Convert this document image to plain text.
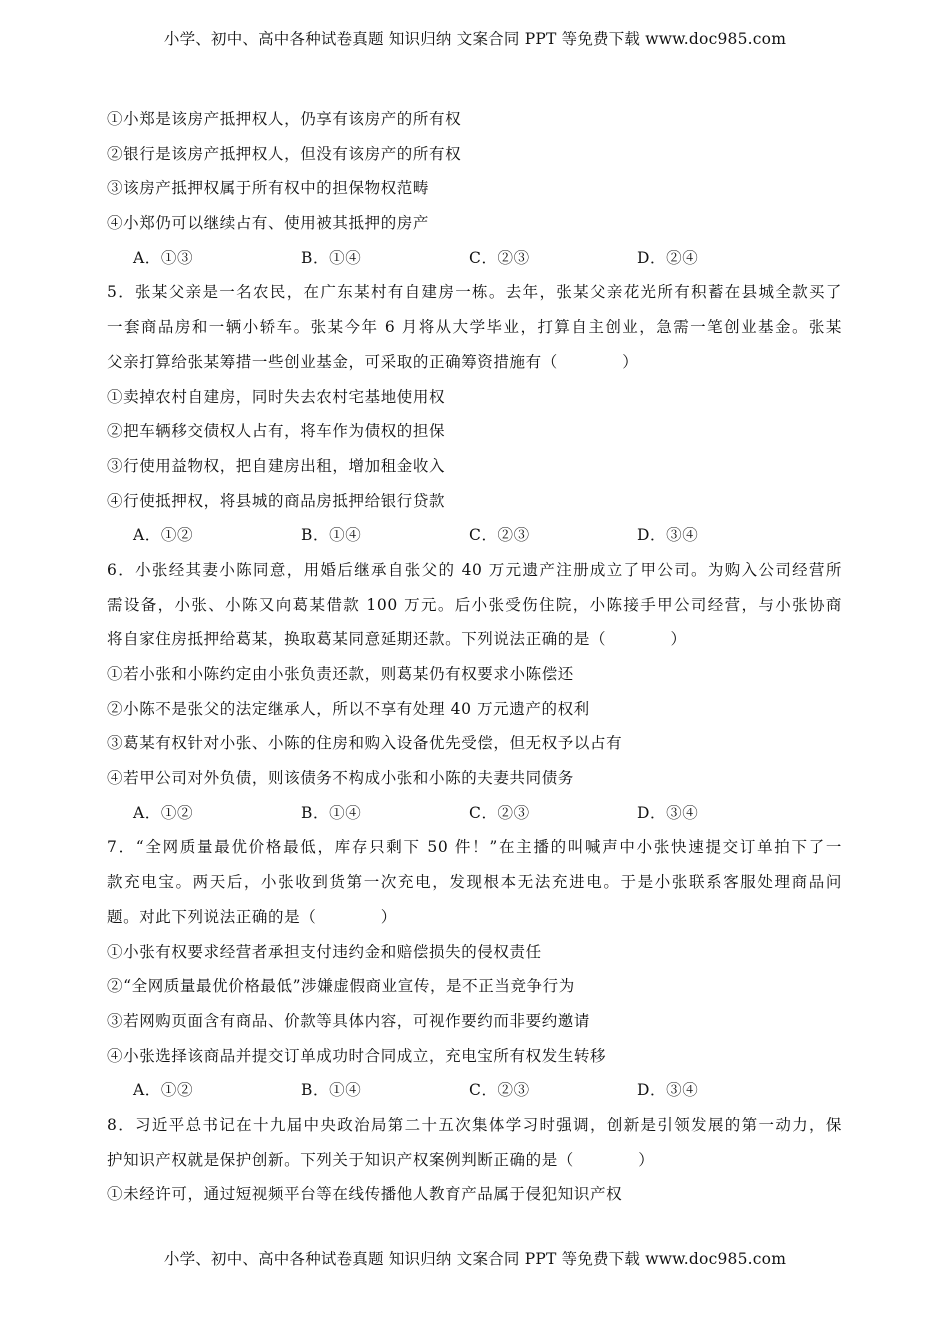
小学、初中、高中各种试卷真题 知识归纳 文案合同 PPT 等免费下载 www.doc985.com
①小郑是该房产抵押权人，仍享有该房产的所有权
②银行是该房产抵押权人，但没有该房产的所有权
③该房产抵押权属于所有权中的担保物权范畴
④小郑仍可以继续占有、使用被其抵押的房产
A．①③	B．①④	C．②③	D．②④
5．张某父亲是一名农民，在广东某村有自建房一栋。去年，张某父亲花光所有积蓄在县城全款买了
一套商品房和一辆小轿车。张某今年 6 月将从大学毕业，打算自主创业，急需一笔创业基金。张某
父亲打算给张某筹措一些创业基金，可采取的正确筹资措施有（　　　　）
①卖掉农村自建房，同时失去农村宅基地使用权
②把车辆移交债权人占有，将车作为债权的担保
③行使用益物权，把自建房出租，增加租金收入
④行使抵押权，将县城的商品房抵押给银行贷款
A．①②	B．①④	C．②③	D．③④
6．小张经其妻小陈同意，用婚后继承自张父的 40 万元遗产注册成立了甲公司。为购入公司经营所
需设备，小张、小陈又向葛某借款 100 万元。后小张受伤住院，小陈接手甲公司经营，与小张协商
将自家住房抵押给葛某，换取葛某同意延期还款。下列说法正确的是（　　　　）
①若小张和小陈约定由小张负责还款，则葛某仍有权要求小陈偿还
②小陈不是张父的法定继承人，所以不享有处理 40 万元遗产的权利
③葛某有权针对小张、小陈的住房和购入设备优先受偿，但无权予以占有
④若甲公司对外负债，则该债务不构成小张和小陈的夫妻共同债务
A．①②	B．①④	C．②③	D．③④
7．“全网质量最优价格最低，库存只剩下 50 件！”在主播的叫喊声中小张快速提交订单拍下了一
款充电宝。两天后，小张收到货第一次充电，发现根本无法充进电。于是小张联系客服处理商品问
题。对此下列说法正确的是（　　　　）
①小张有权要求经营者承担支付违约金和赔偿损失的侵权责任
②“全网质量最优价格最低”涉嫌虚假商业宣传，是不正当竞争行为
③若网购页面含有商品、价款等具体内容，可视作要约而非要约邀请
④小张选择该商品并提交订单成功时合同成立，充电宝所有权发生转移
A．①②	B．①④	C．②③	D．③④
8．习近平总书记在十九届中央政治局第二十五次集体学习时强调，创新是引领发展的第一动力，保
护知识产权就是保护创新。下列关于知识产权案例判断正确的是（　　　　）
①未经许可，通过短视频平台等在线传播他人教育产品属于侵犯知识产权
小学、初中、高中各种试卷真题 知识归纳 文案合同 PPT 等免费下载 www.doc985.com
